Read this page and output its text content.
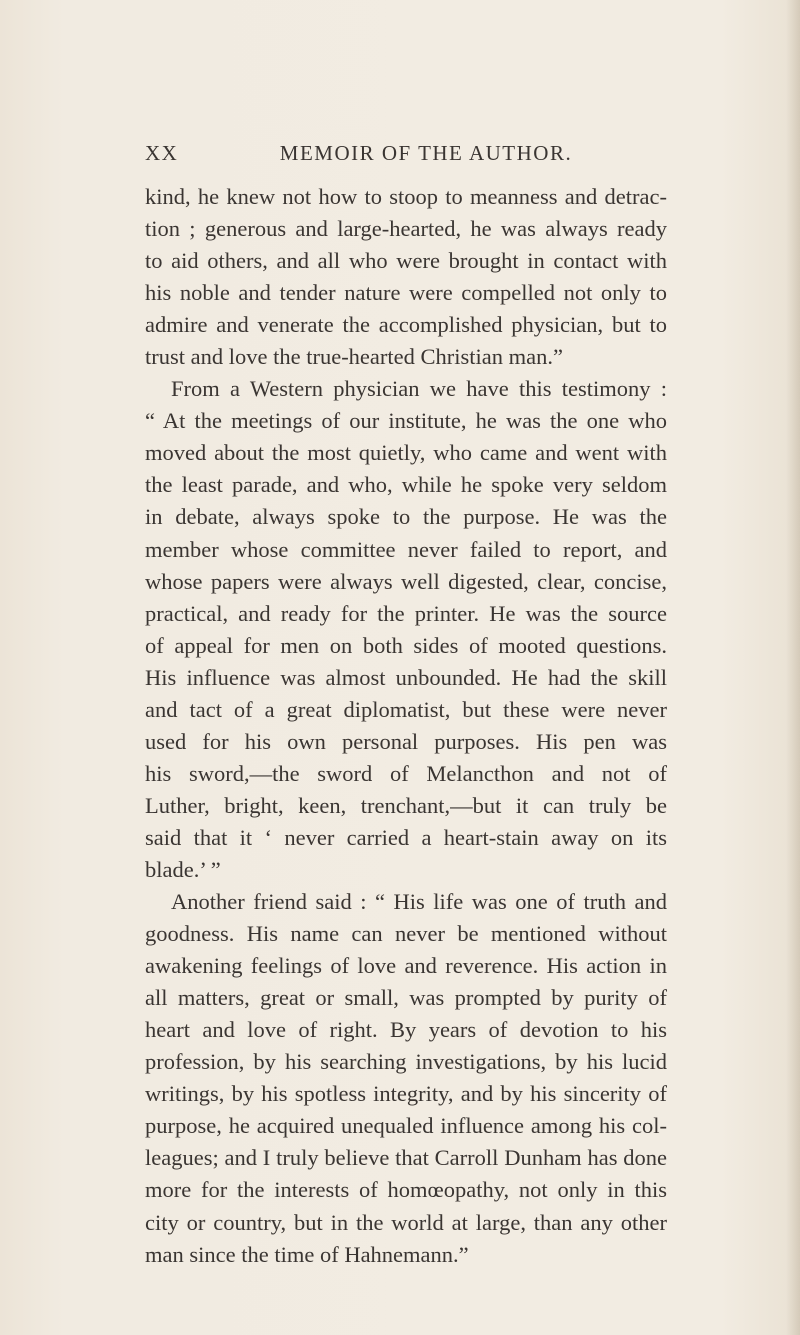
XX	MEMOIR OF THE AUTHOR.
kind, he knew not how to stoop to meanness and detrac-
tion ; generous and large-hearted, he was always ready
to aid others, and all who were brought in contact with
his noble and tender nature were compelled not only to
admire and venerate the accomplished physician, but to
trust and love the true-hearted Christian man.”
From a Western physician we have this testimony :
“ At the meetings of our institute, he was the one who
moved about the most quietly, who came and went with
the least parade, and who, while he spoke very seldom
in debate, always spoke to the purpose. He was the
member whose committee never failed to report, and
whose papers were always well digested, clear, concise,
practical, and ready for the printer. He was the source
of appeal for men on both sides of mooted questions.
His influence was almost unbounded. He had the skill
and tact of a great diplomatist, but these were never
used for his own personal purposes. His pen was
his sword,—the sword of Melancthon and not of
Luther, bright, keen, trenchant,—but it can truly be
said that it ‘ never carried a heart-stain away on its
blade.’ ”
Another friend said : “ His life was one of truth and
goodness. His name can never be mentioned without
awakening feelings of love and reverence. His action in
all matters, great or small, was prompted by purity of
heart and love of right. By years of devotion to his
profession, by his searching investigations, by his lucid
writings, by his spotless integrity, and by his sincerity of
purpose, he acquired unequaled influence among his col-
leagues; and I truly believe that Carroll Dunham has done
more for the interests of homœopathy, not only in this
city or country, but in the world at large, than any other
man since the time of Hahnemann.”
